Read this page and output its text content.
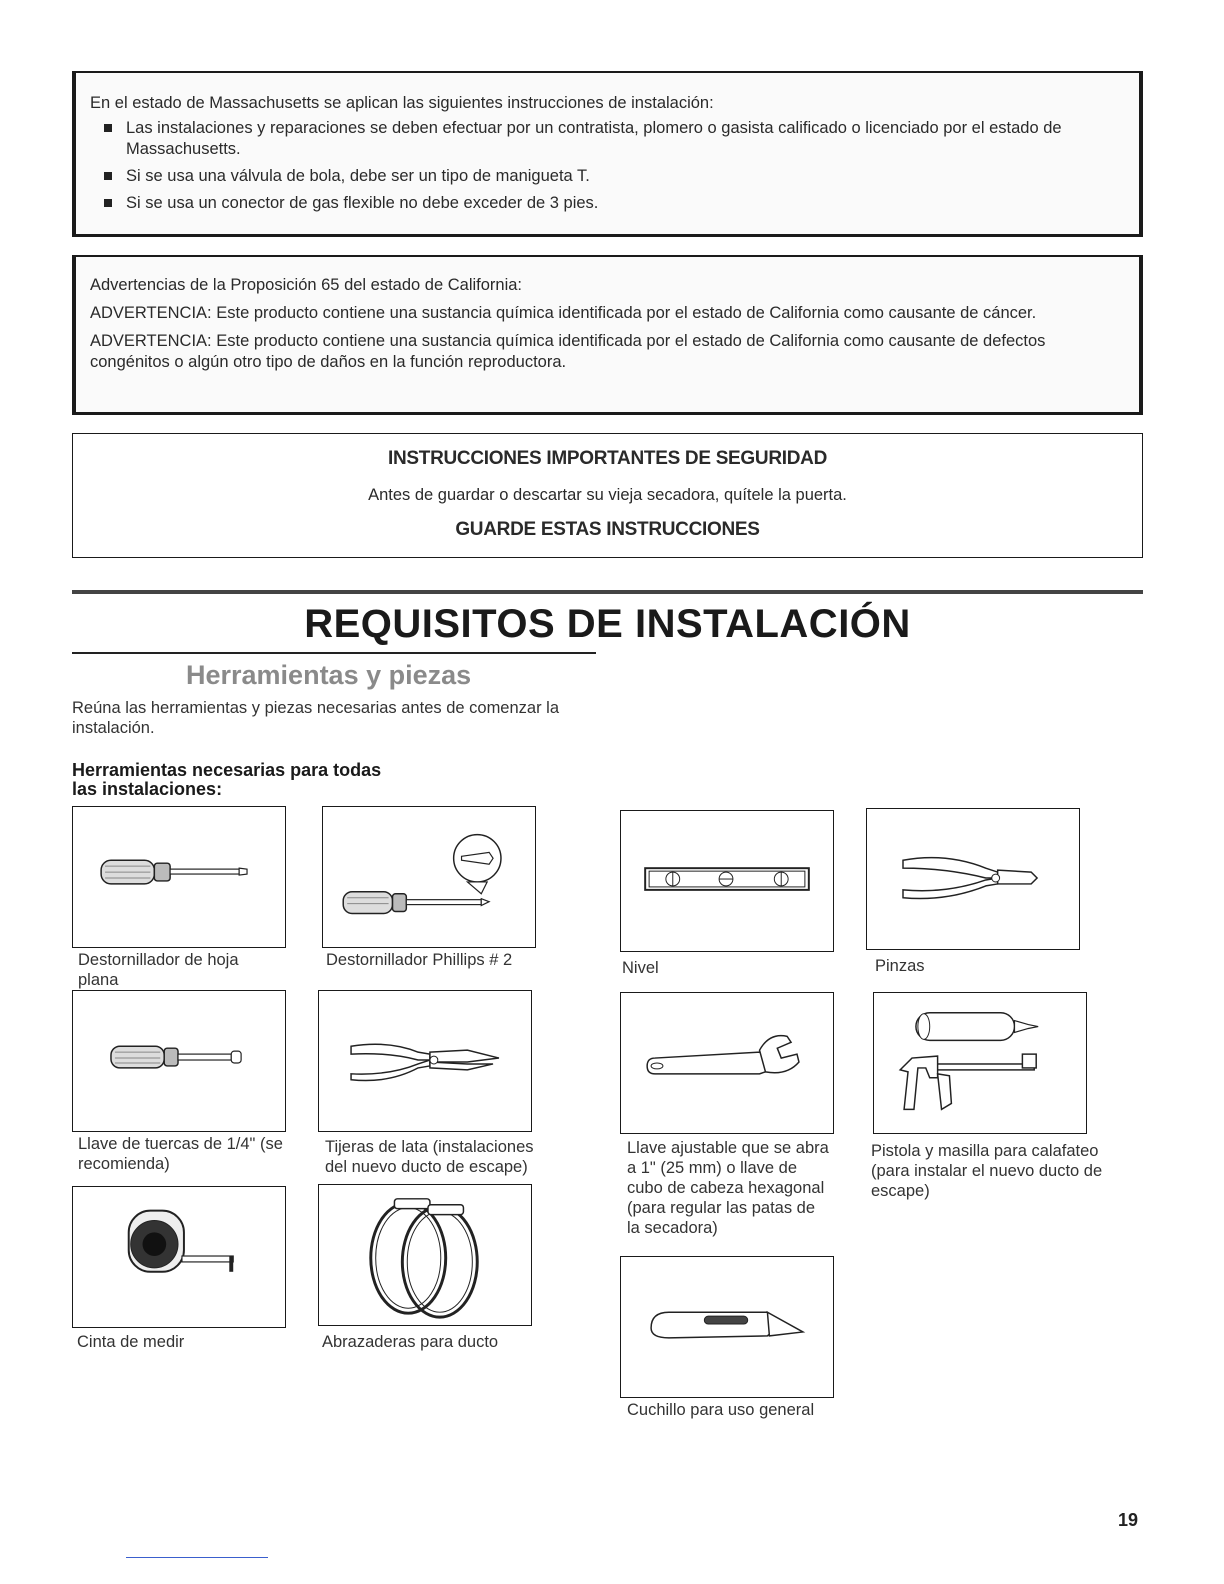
En el estado de Massachusetts se aplican las siguientes instrucciones de instalación:

Las instalaciones y reparaciones se deben efectuar por un contratista, plomero o gasista calificado o licenciado por el estado de Massachusetts.
Si se usa una válvula de bola, debe ser un tipo de manigueta T.
Si se usa un conector de gas flexible no debe exceder de 3 pies.

Advertencias de la Proposición 65 del estado de California:

ADVERTENCIA: Este producto contiene una sustancia química identificada por el estado de California como causante de cáncer.

ADVERTENCIA: Este producto contiene una sustancia química identificada por el estado de California como causante de defectos congénitos o algún otro tipo de daños en la función reproductora.

INSTRUCCIONES IMPORTANTES DE SEGURIDAD
Antes de guardar o descartar su vieja secadora, quítele la puerta.
GUARDE ESTAS INSTRUCCIONES
REQUISITOS DE INSTALACIÓN
Herramientas y piezas
Reúna las herramientas y piezas necesarias antes de comenzar la instalación.
Herramientas necesarias para todas
las instalaciones:
Destornillador de hoja plana
Destornillador Phillips # 2	Nivel	Pinzas
Llave de tuercas de 1/4" (se recomienda)
Tijeras de lata (instalaciones del nuevo ducto de escape)
Llave ajustable que se abra a 1" (25 mm) o llave de cubo de cabeza hexagonal (para regular las patas de la secadora)
Pistola y masilla para calafateo (para instalar el nuevo ducto de escape)
Cinta de medir	Abrazaderas para ducto
Cuchillo para uso general
19
